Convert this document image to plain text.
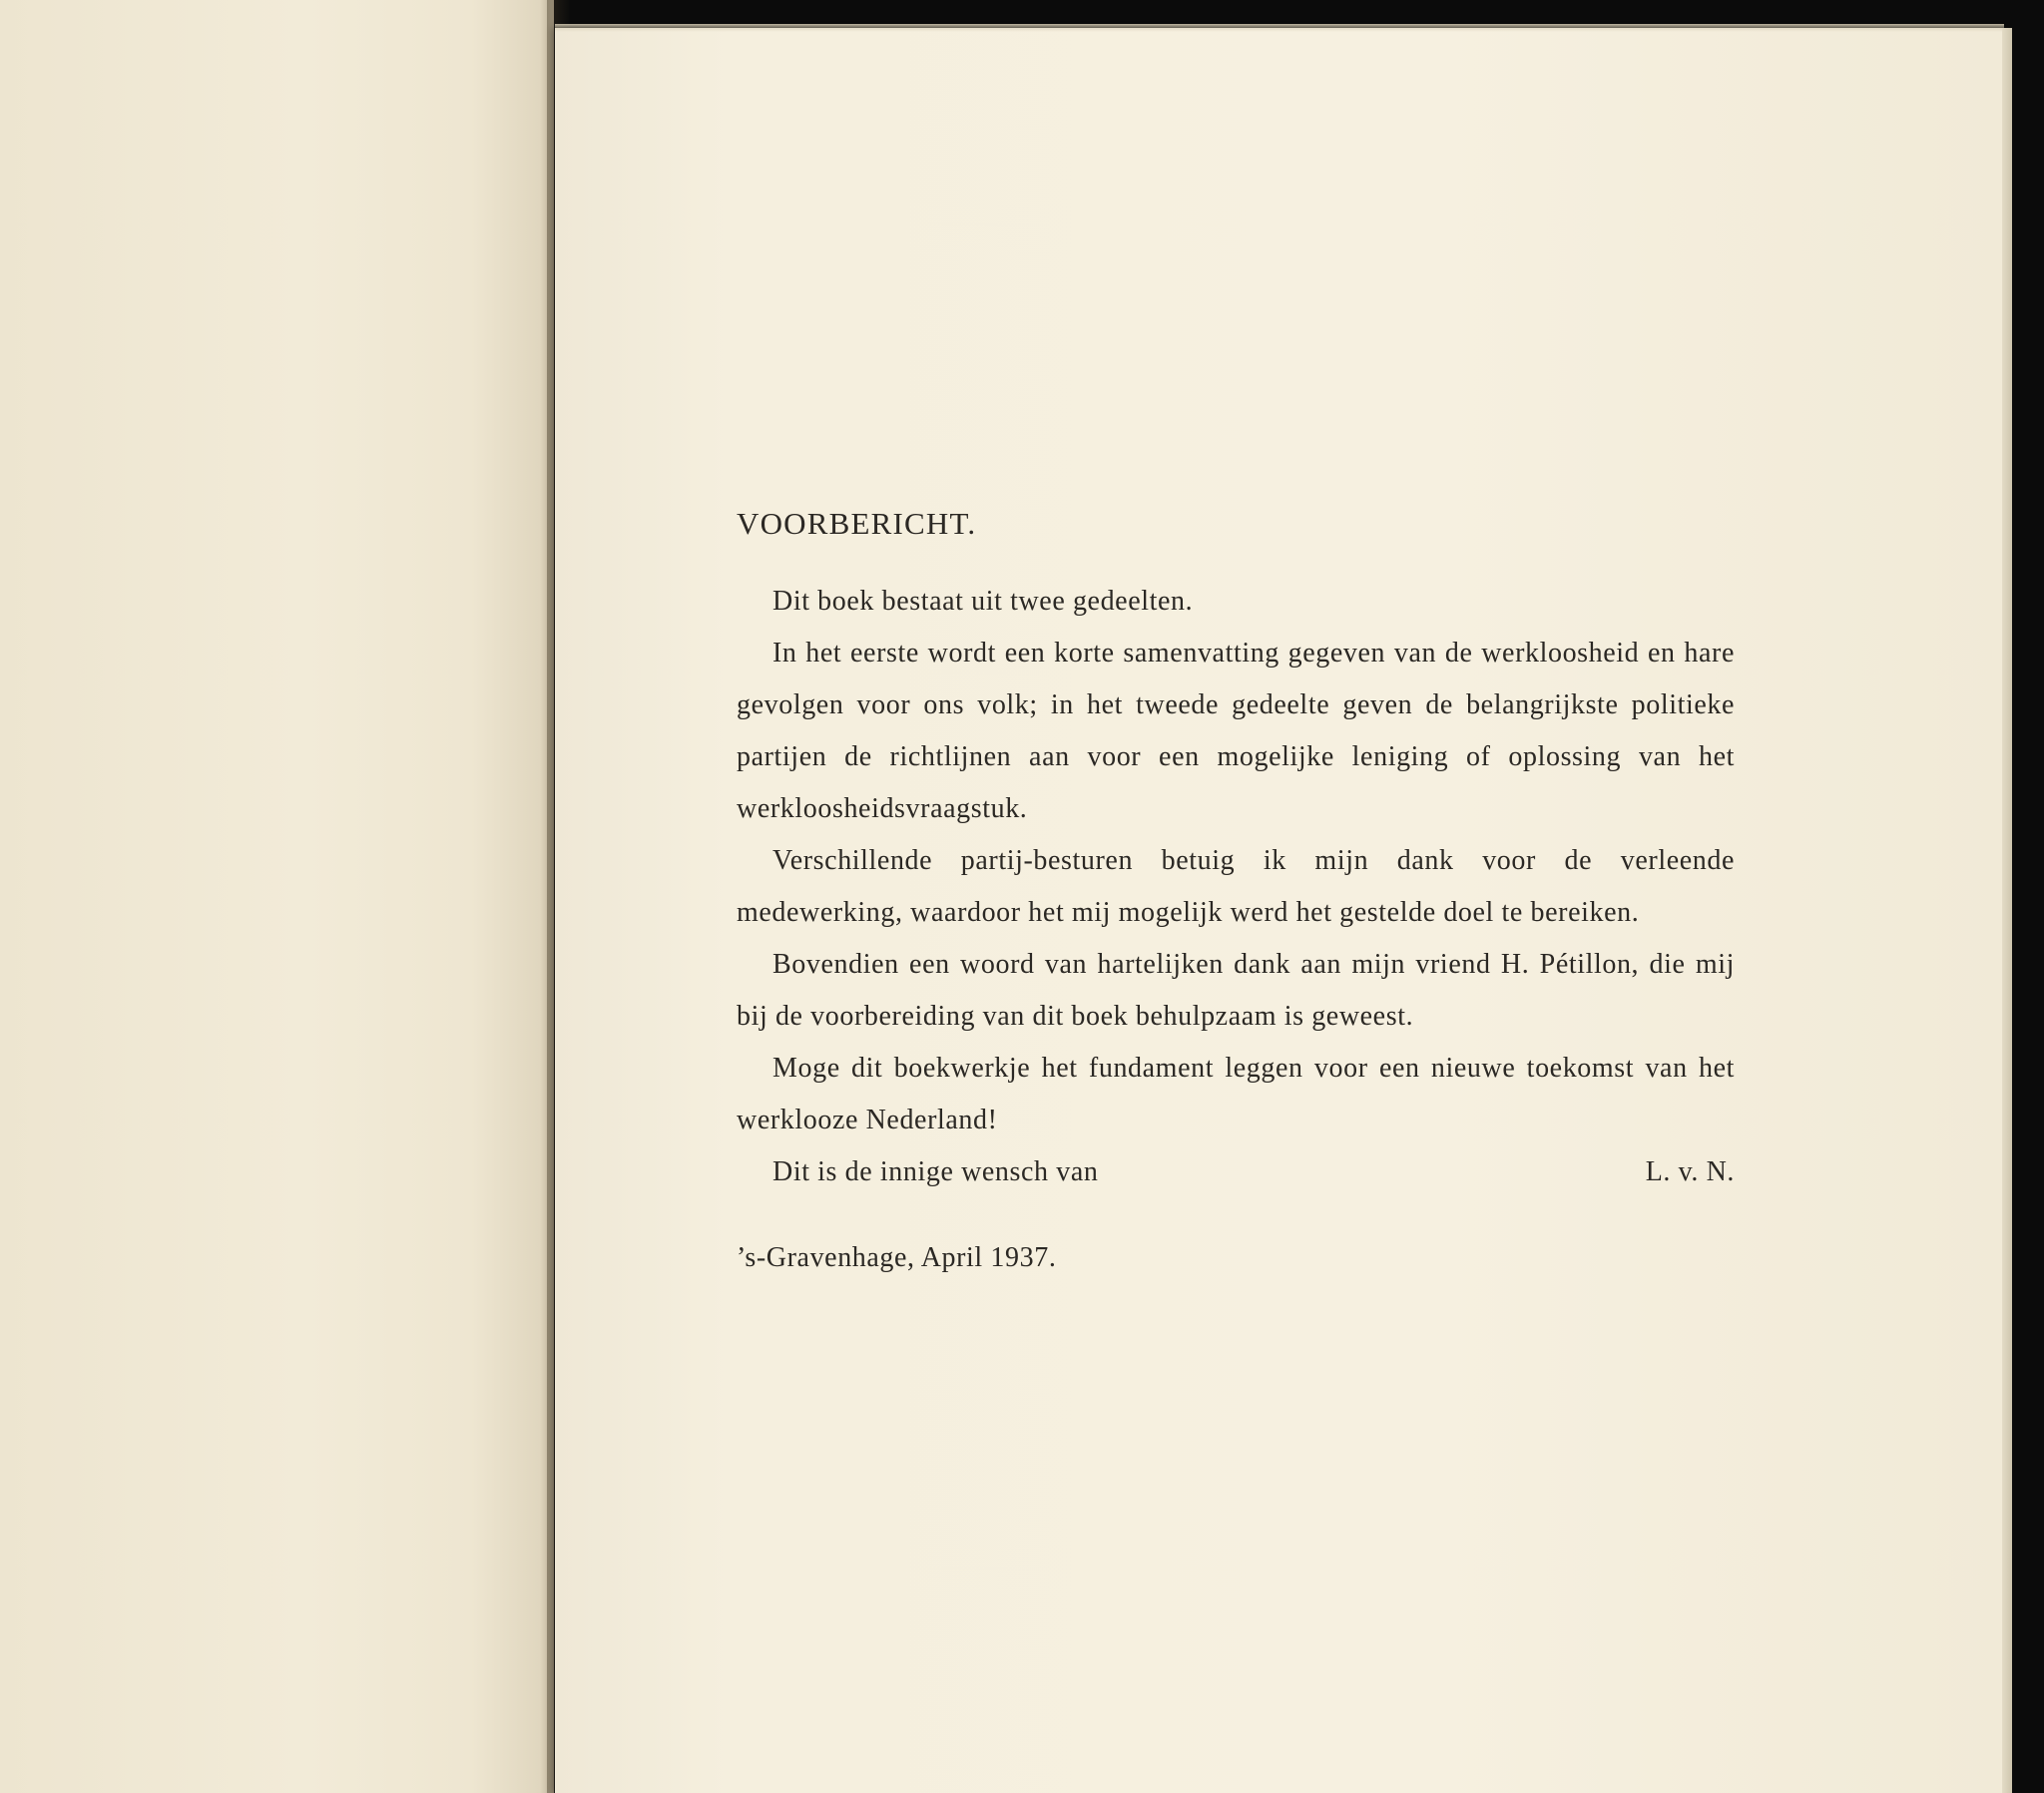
VOORBERICHT.

Dit boek bestaat uit twee gedeelten.

In het eerste wordt een korte samenvatting gegeven van de werkloosheid en hare gevolgen voor ons volk; in het tweede gedeelte geven de belangrijkste politieke partijen de richtlijnen aan voor een mogelijke leniging of oplossing van het werkloosheidsvraagstuk.

Verschillende partij-besturen betuig ik mijn dank voor de verleende medewerking, waardoor het mij mogelijk werd het gestelde doel te bereiken.

Bovendien een woord van hartelijken dank aan mijn vriend H. Pétillon, die mij bij de voorbereiding van dit boek behulpzaam is geweest.

Moge dit boekwerkje het fundament leggen voor een nieuwe toekomst van het werklooze Nederland!

Dit is de innige wensch van	L. v. N.
’s-Gravenhage, April 1937.
